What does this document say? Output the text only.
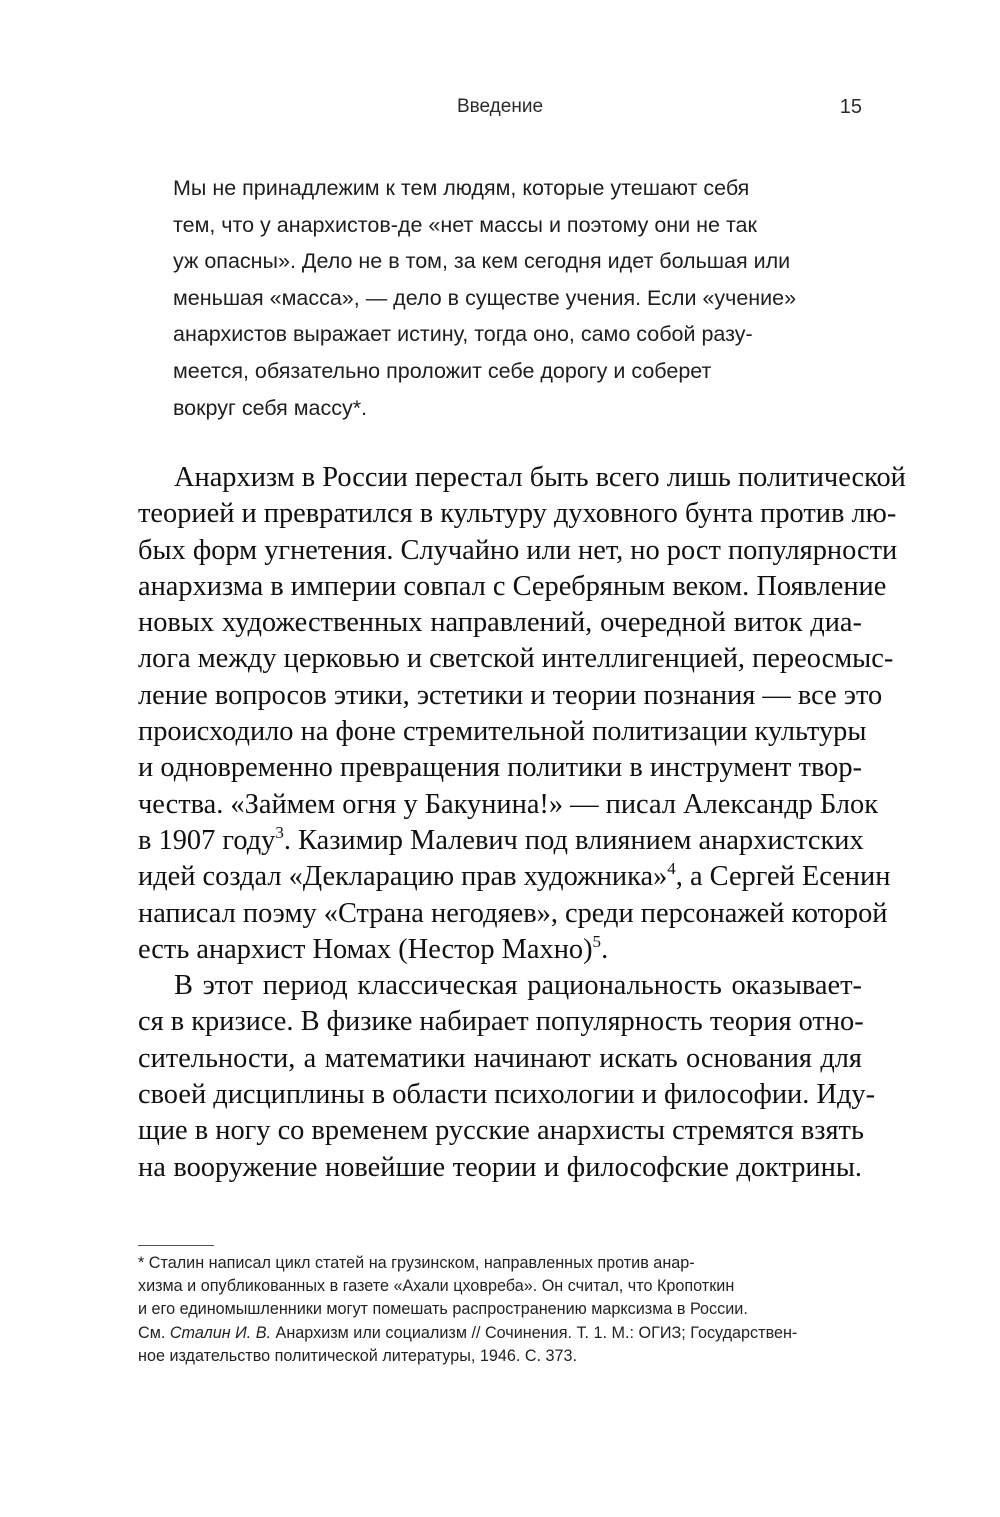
Введение	15
Мы не принадлежим к тем людям, которые утешают себя
тем, что у анархистов-де «нет массы и поэтому они не так
уж опасны». Дело не в том, за кем сегодня идет большая или
меньшая «масса», — дело в существе учения. Если «учение»
анархистов выражает истину, тогда оно, само собой разу-
меется, обязательно проложит себе дорогу и соберет
вокруг себя массу*.
Анархизм в России перестал быть всего лишь политической
теорией и превратился в культуру духовного бунта против лю-
бых форм угнетения. Случайно или нет, но рост популярности
анархизма в империи совпал с Серебряным веком. Появление
новых художественных направлений, очередной виток диа-
лога между церковью и светской интеллигенцией, переосмыс-
ление вопросов этики, эстетики и теории познания — все это
происходило на фоне стремительной политизации культуры
и одновременно превращения политики в инструмент твор-
чества. «Займем огня у Бакунина!» — писал Александр Блок
в 1907 году$^3$. Казимир Малевич под влиянием анархистских
идей создал «Декларацию прав художника»$^4$, а Сергей Есенин
написал поэму «Страна негодяев», среди персонажей которой
есть анархист Номах (Нестор Махно)$^5$.
В этот период классическая рациональность оказывает-
ся в кризисе. В физике набирает популярность теория отно-
сительности, а математики начинают искать основания для
своей дисциплины в области психологии и философии. Иду-
щие в ногу со временем русские анархисты стремятся взять
на вооружение новейшие теории и философские доктрины.
* Сталин написал цикл статей на грузинском, направленных против анар-
хизма и опубликованных в газете «Ахали цховреба». Он считал, что Кропоткин
и его единомышленники могут помешать распространению марксизма в России.
См. Сталин И. В. Анархизм или социализм // Сочинения. Т. 1. М.: ОГИЗ; Государствен-
ное издательство политической литературы, 1946. С. 373.
